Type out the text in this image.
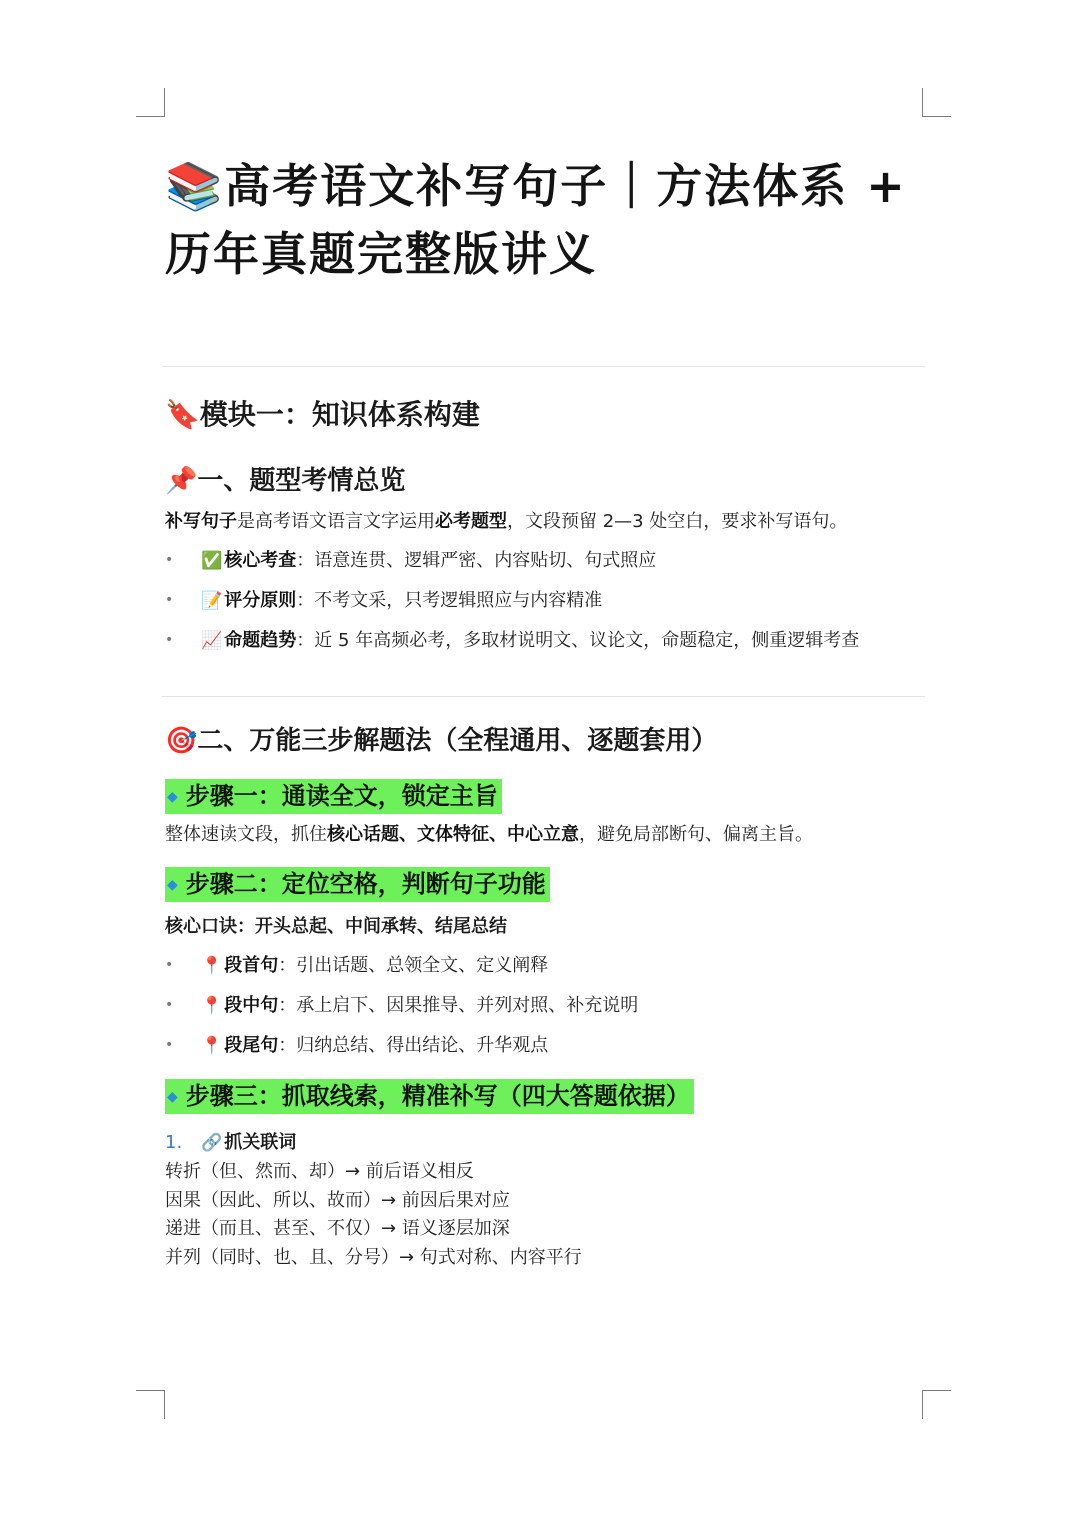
📚高考语文补写句子｜方法体系 +
历年真题完整版讲义
🔖模块一：知识体系构建
📌一、题型考情总览

补写句子是高考语文语言文字运用必考题型，文段预留 2—3 处空白，要求补写语句。

• ✅ 核心考查：语意连贯、逻辑严密、内容贴切、句式照应
• 📝 评分原则：不考文采，只考逻辑照应与内容精准
• 📈 命题趋势：近 5 年高频必考，多取材说明文、议论文，命题稳定，侧重逻辑考查
🎯二、万能三步解题法（全程通用、逐题套用）
◆ 步骤一：通读全文，锁定主旨

整体速读文段，抓住核心话题、文体特征、中心立意，避免局部断句、偏离主旨。

◆ 步骤二：定位空格，判断句子功能
核心口诀：开头总起、中间承转、结尾总结
• 📍 段首句：引出话题、总领全文、定义阐释
• 📍 段中句：承上启下、因果推导、并列对照、补充说明
• 📍 段尾句：归纳总结、得出结论、升华观点
◆ 步骤三：抓取线索，精准补写（四大答题依据）
1. 🔗 抓关联词
转折（但、然而、却）→ 前后语义相反
因果（因此、所以、故而）→ 前因后果对应
递进（而且、甚至、不仅）→ 语义逐层加深
并列（同时、也、且、分号）→ 句式对称、内容平行
